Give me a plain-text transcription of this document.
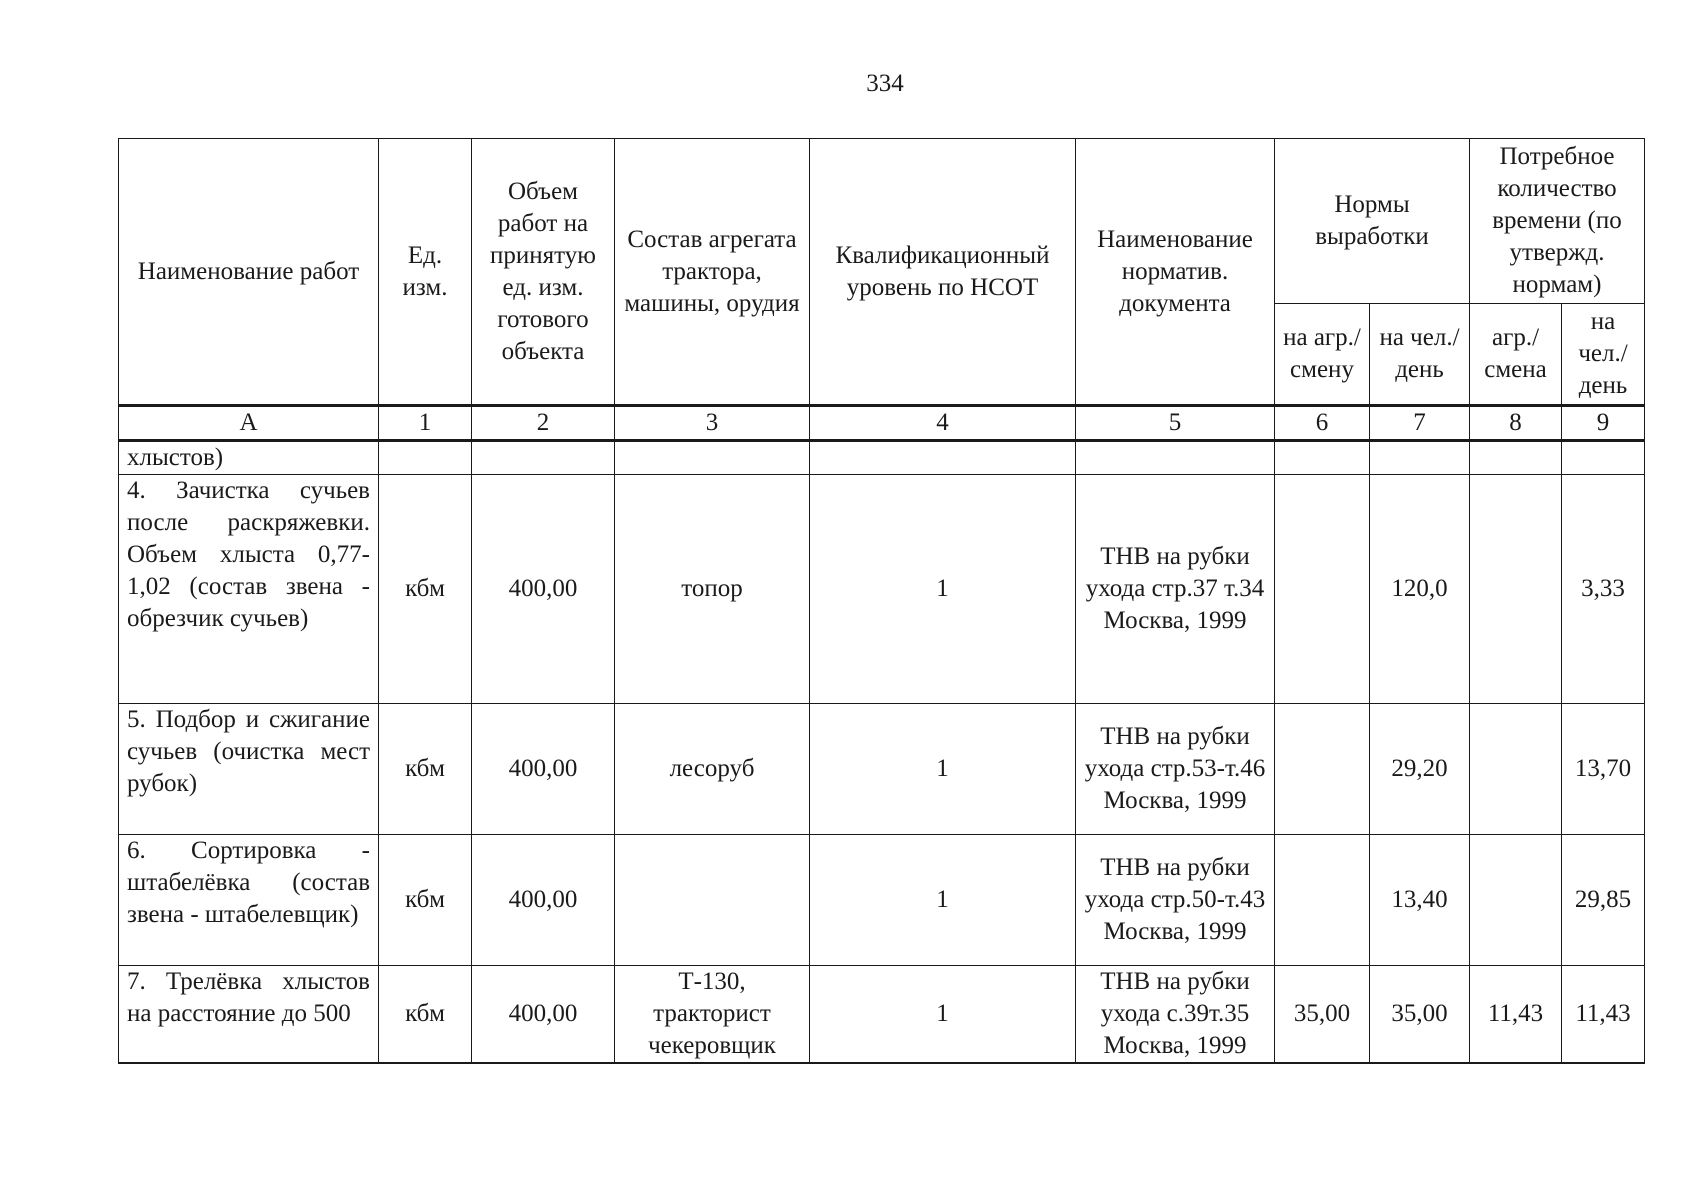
334
Наименование работ	Ед. изм.	Объем работ на принятую ед. изм. готового объекта	Состав агрегата трактора, машины, орудия	Квалификационный уровень по НСОТ	Наименование норматив. документа	Нормы выработки		Потребное количество времени (по утвержд. нормам)	
						на агр./ смену	на чел./ день	агр./ смена	на чел./ день
А	1	2	3	4	5	6	7	8	9
хлыстов)									
4. Зачистка сучьев после раскряжевки. Объем хлыста 0,77-1,02 (состав звена - обрезчик сучьев)	кбм	400,00	топор	1	ТНВ на рубки ухода стр.37 т.34 Москва, 1999		120,0		3,33
5. Подбор и сжигание сучьев (очистка мест рубок)	кбм	400,00	лесоруб	1	ТНВ на рубки ухода стр.53-т.46 Москва, 1999		29,20		13,70
6. Сортировка - штабелёвка (состав звена - штабелевщик)	кбм	400,00		1	ТНВ на рубки ухода стр.50-т.43 Москва, 1999		13,40		29,85
7. Трелёвка хлыстов на расстояние до 500	кбм	400,00	Т-130, тракторист чекеровщик	1	ТНВ на рубки ухода с.39т.35 Москва, 1999	35,00	35,00	11,43	11,43
